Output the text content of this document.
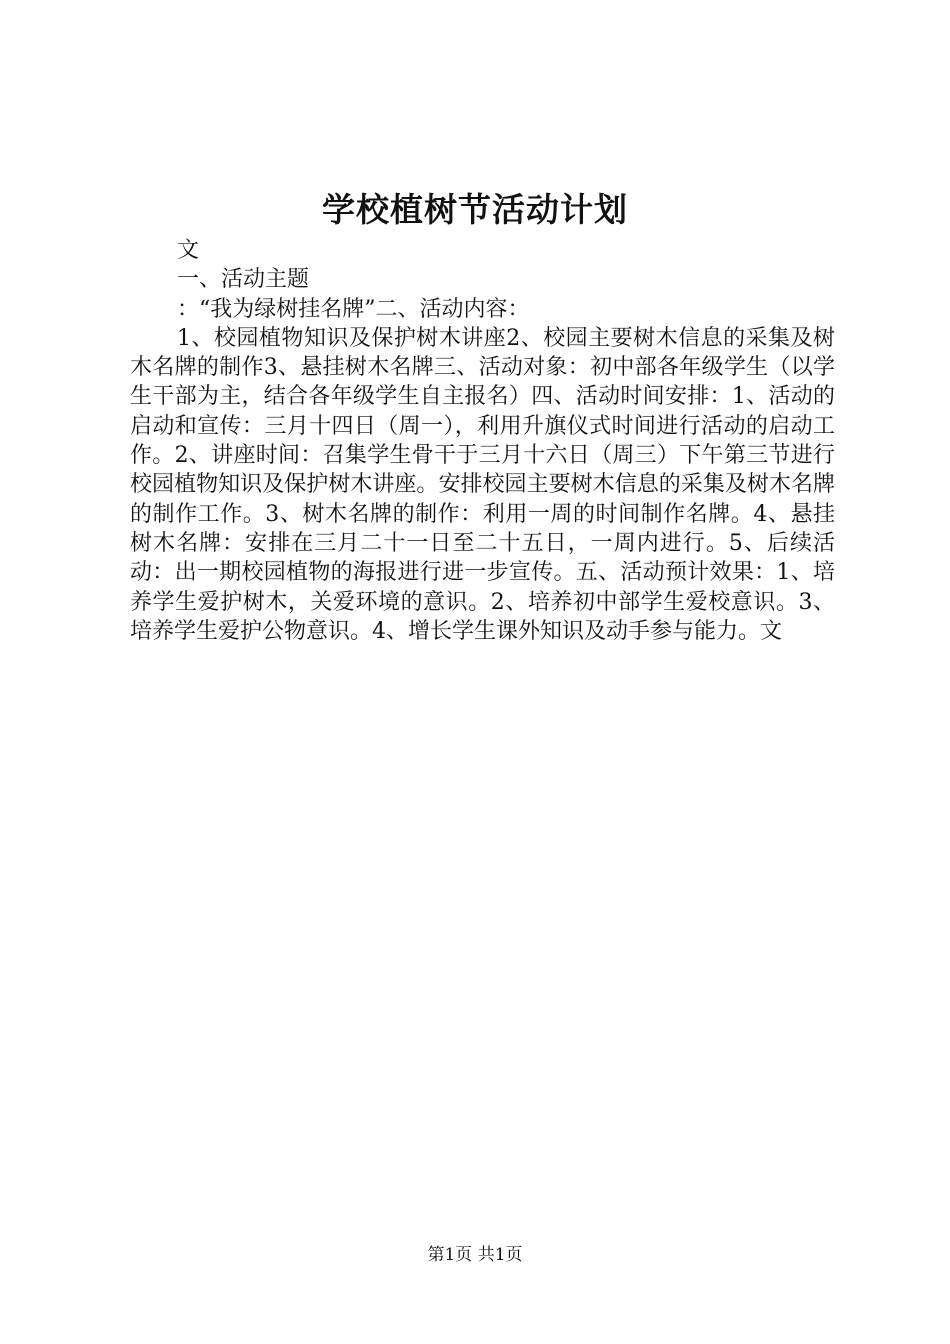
学校植树节活动计划

文

一、活动主题

：“我为绿树挂名牌”二、活动内容：

1、校园植物知识及保护树木讲座2、校园主要树木信息的采集及树木名牌的制作3、悬挂树木名牌三、活动对象：初中部各年级学生（以学生干部为主，结合各年级学生自主报名）四、活动时间安排：1、活动的启动和宣传：三月十四日（周一），利用升旗仪式时间进行活动的启动工作。2、讲座时间：召集学生骨干于三月十六日（周三）下午第三节进行校园植物知识及保护树木讲座。安排校园主要树木信息的采集及树木名牌的制作工作。3、树木名牌的制作：利用一周的时间制作名牌。4、悬挂树木名牌：安排在三月二十一日至二十五日，一周内进行。5、后续活动：出一期校园植物的海报进行进一步宣传。五、活动预计效果：1、培养学生爱护树木，关爱环境的意识。2、培养初中部学生爱校意识。3、培养学生爱护公物意识。4、增长学生课外知识及动手参与能力。文

第1页 共1页
